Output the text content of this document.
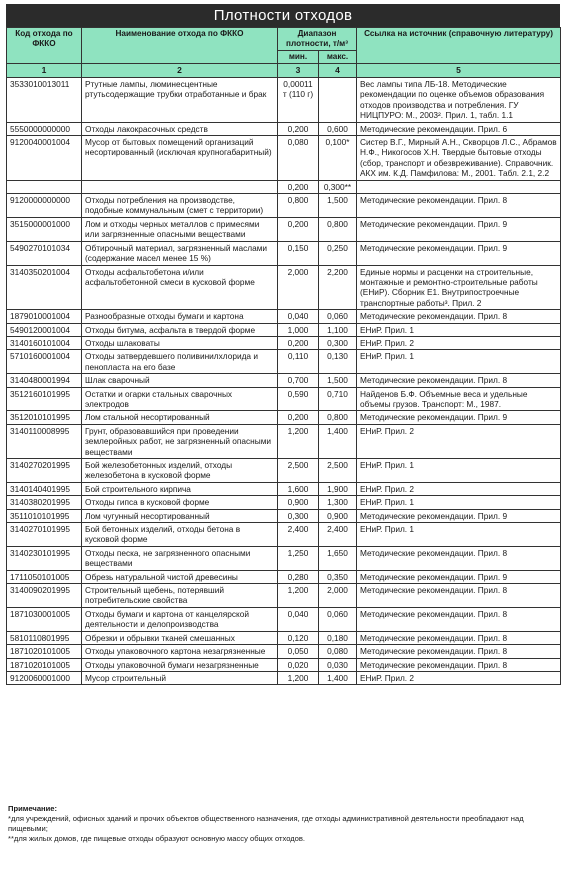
Плотности отходов
Код отхода по ФККО	Наименование отхода по ФККО	Диапазон плотности, т/м³		Ссылка на источник (справочную литературу)
		мин.	макс.	
1	2	3	4	5
3533010013011	Ртутные лампы, люминесцентные ртутьсодержащие трубки отработанные и брак	0,00011 т (110 г)		Вес лампы типа ЛБ-18. Методические рекомендации по оценке объемов образования отходов производства и потребления. ГУ НИЦПУРО: М., 2003². Прил. 1, табл. 1.1
5550000000000	Отходы лакокрасочных средств	0,200	0,600	Методические рекомендации. Прил. 6
9120040001004	Мусор от бытовых помещений организаций несортированный (исключая крупногабаритный)	0,080	0,100*	Систер В.Г., Мирный А.Н., Скворцов Л.С., Абрамов Н.Ф., Никогосов Х.Н. Твердые бытовые отходы (сбор, транспорт и обезвреживание). Справочник. АКХ им. К.Д. Памфилова: М., 2001. Табл. 2.1, 2.2
		0,200	0,300**	
9120000000000	Отходы потребления на производстве, подобные коммунальным (смет с территории)	0,800	1,500	Методические рекомендации. Прил. 8
3515000001000	Лом и отходы черных металлов с примесями или загрязненные опасными веществами	0,200	0,800	Методические рекомендации. Прил. 9
5490270101034	Обтирочный материал, загрязненный маслами (содержание масел менее 15 %)	0,150	0,250	Методические рекомендации. Прил. 9
3140350201004	Отходы асфальтобетона и/или асфальтобетонной смеси в кусковой форме	2,000	2,200	Единые нормы и расценки на строительные, монтажные и ремонтно-строительные работы (ЕНиР). Сборник Е1. Внутрипостроечные транспортные работы³. Прил. 2
1879010001004	Разнообразные отходы бумаги и картона	0,040	0,060	Методические рекомендации. Прил. 8
5490120001004	Отходы битума, асфальта в твердой форме	1,000	1,100	ЕНиР. Прил. 1
3140160101004	Отходы шлаковаты	0,200	0,300	ЕНиР. Прил. 2
5710160001004	Отходы затвердевшего поливинилхлорида и пенопласта на его базе	0,110	0,130	ЕНиР. Прил. 1
3140480001994	Шлак сварочный	0,700	1,500	Методические рекомендации. Прил. 8
3512160101995	Остатки и огарки стальных сварочных электродов	0,590	0,710	Найденов Б.Ф. Объемные веса и удельные объемы грузов. Транспорт: М., 1987.
3512010101995	Лом стальной несортированный	0,200	0,800	Методические рекомендации. Прил. 9
3140110008995	Грунт, образовавшийся при проведении землеройных работ, не загрязненный опасными веществами	1,200	1,400	ЕНиР. Прил. 2
3140270201995	Бой железобетонных изделий, отходы железобетона в кусковой форме	2,500	2,500	ЕНиР. Прил. 1
3140140401995	Бой строительного кирпича	1,600	1,900	ЕНиР. Прил. 2
3140380201995	Отходы гипса в кусковой форме	0,900	1,300	ЕНиР. Прил. 1
3511010101995	Лом чугунный несортированный	0,300	0,900	Методические рекомендации. Прил. 9
3140270101995	Бой бетонных изделий, отходы бетона в кусковой форме	2,400	2,400	ЕНиР. Прил. 1
3140230101995	Отходы песка, не загрязненного опасными веществами	1,250	1,650	Методические рекомендации. Прил. 8
1711050101005	Обрезь натуральной чистой древесины	0,280	0,350	Методические рекомендации. Прил. 9
3140090201995	Строительный щебень, потерявший потребительские свойства	1,200	2,000	Методические рекомендации. Прил. 8
1871030001005	Отходы бумаги и картона от канцелярской деятельности и делопроизводства	0,040	0,060	Методические рекомендации. Прил. 8
5810110801995	Обрезки и обрывки тканей смешанных	0,120	0,180	Методические рекомендации. Прил. 8
1871020101005	Отходы упаковочного картона незагрязненные	0,050	0,080	Методические рекомендации. Прил. 8
1871020101005	Отходы упаковочной бумаги незагрязненные	0,020	0,030	Методические рекомендации. Прил. 8
9120060001000	Мусор строительный	1,200	1,400	ЕНиР. Прил. 2
Примечание:
*для учреждений, офисных зданий и прочих объектов общественного назначения, где отходы административной деятельности преобладают над пищевыми;
**для жилых домов, где пищевые отходы образуют основную массу общих отходов.
